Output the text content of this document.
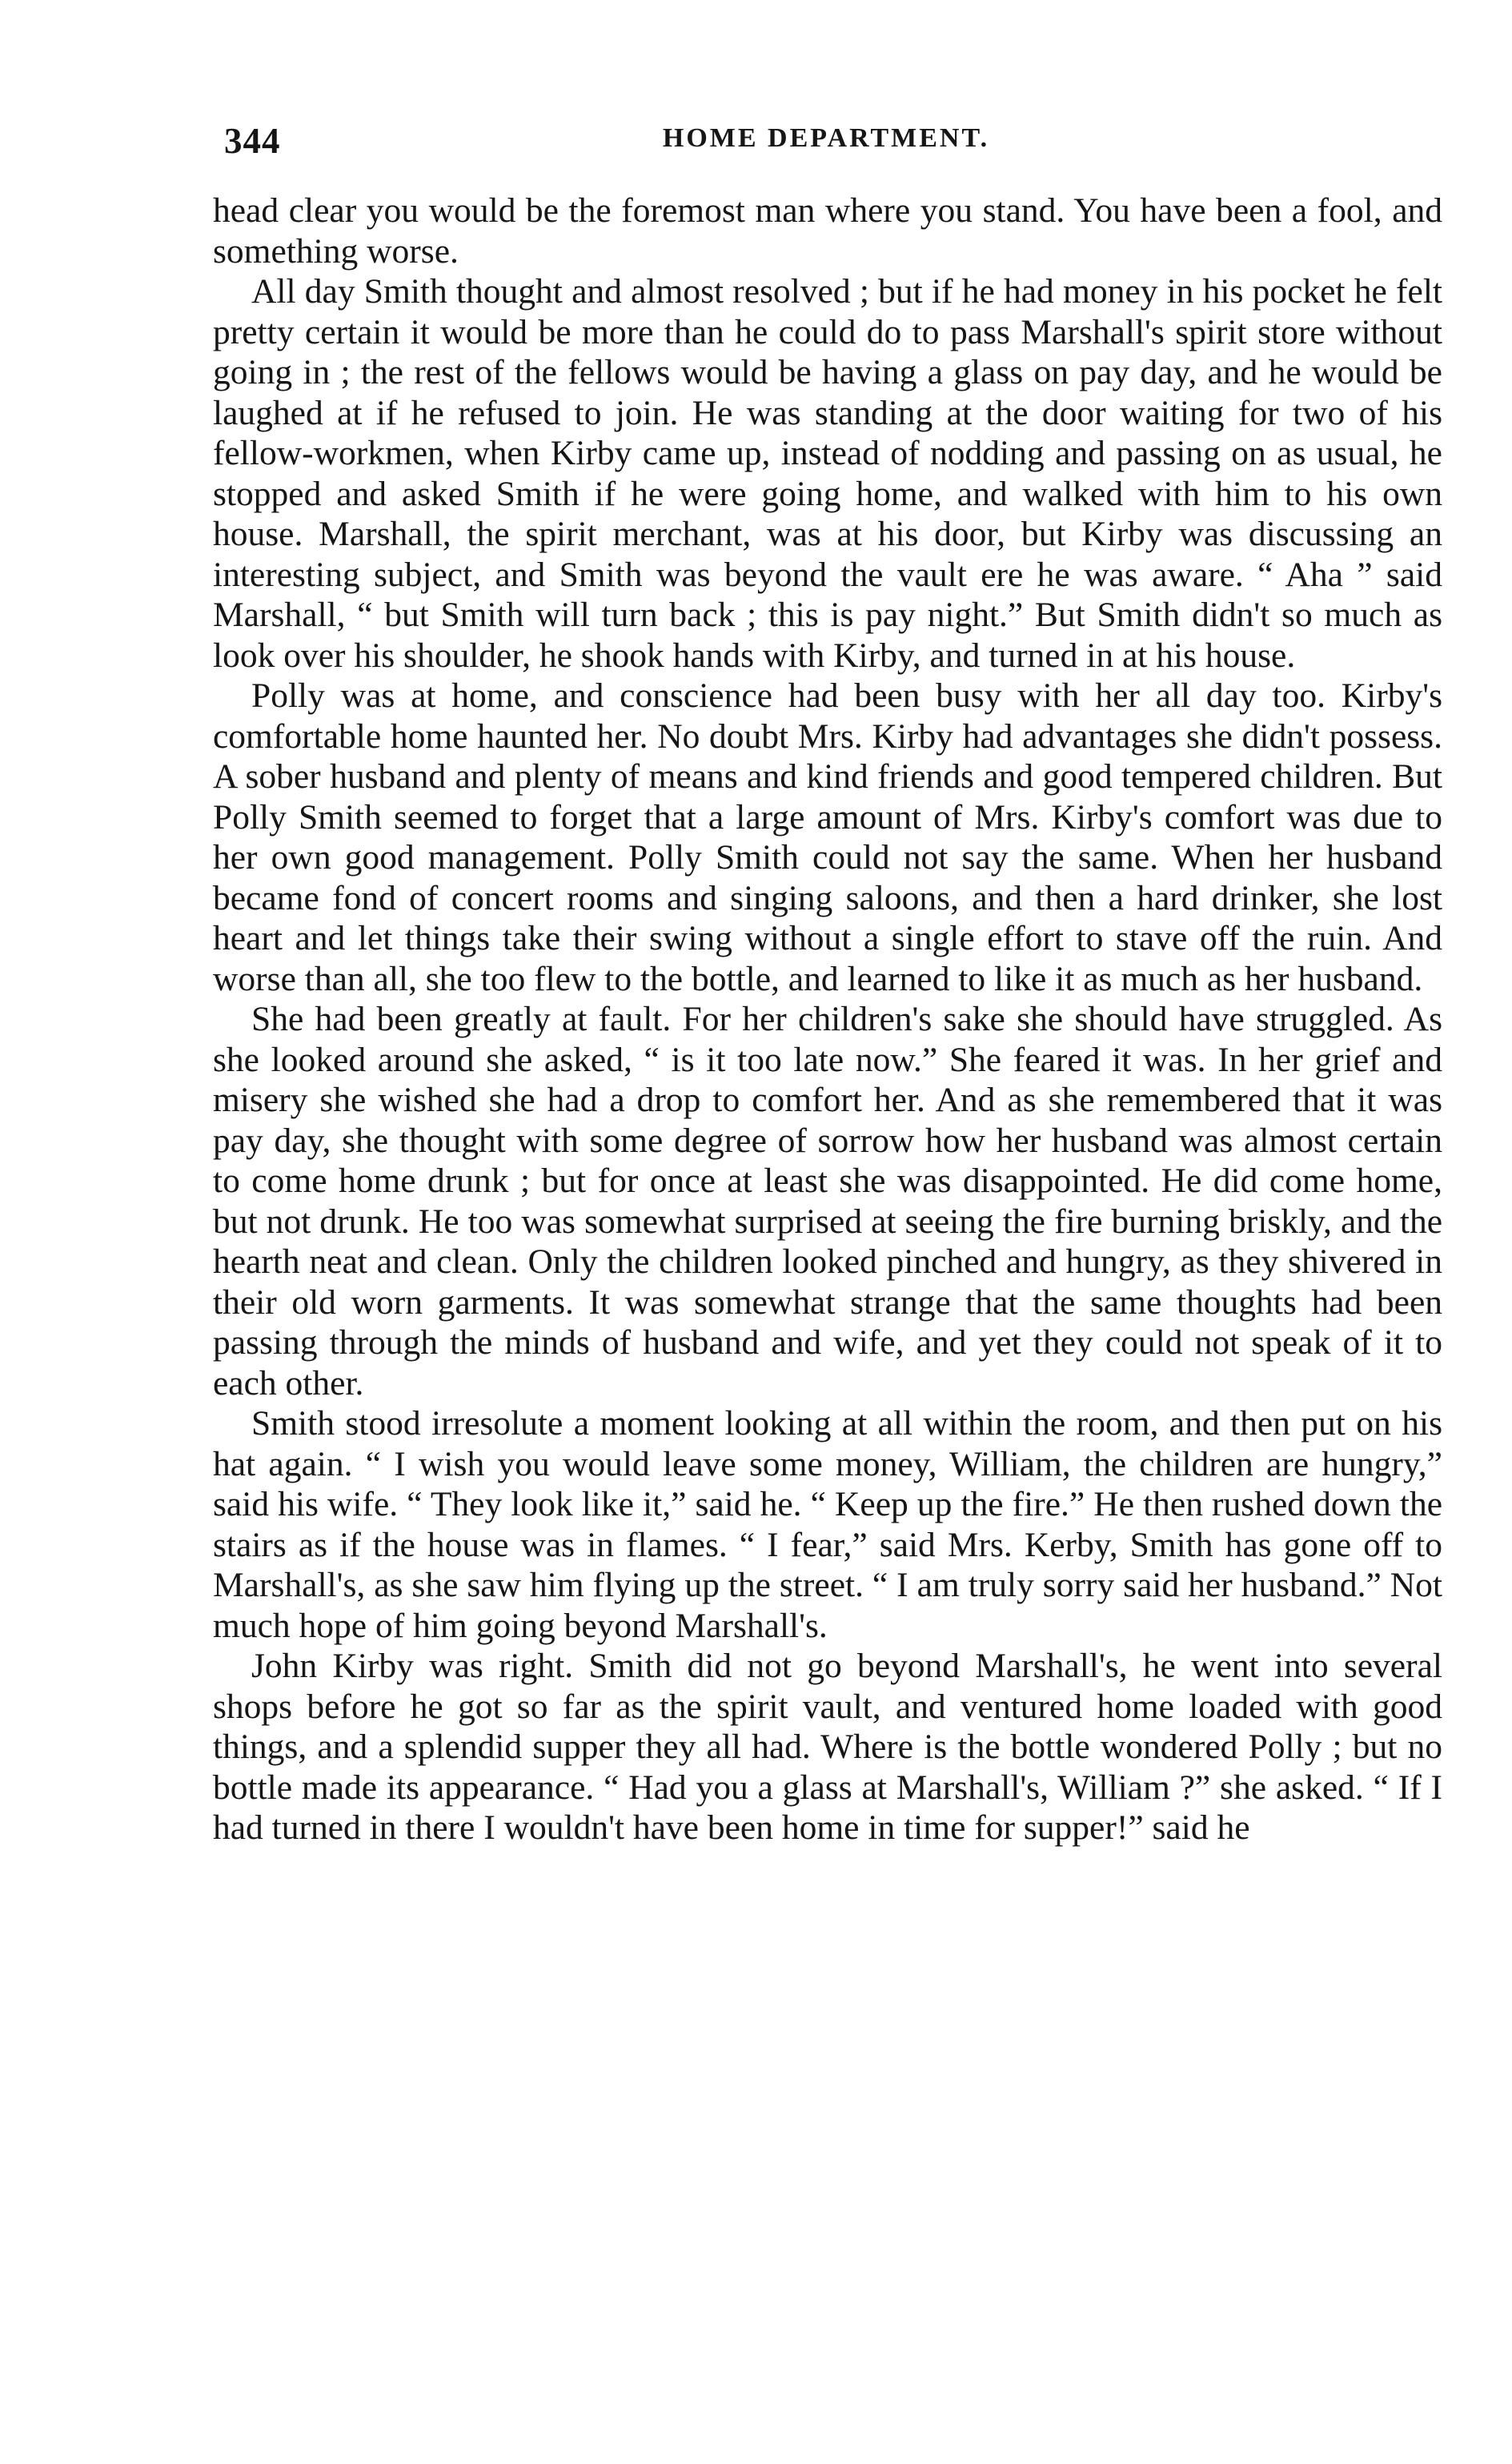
344	HOME DEPARTMENT.

head clear you would be the foremost man where you stand. You have been a fool, and something worse.

All day Smith thought and almost resolved ; but if he had money in his pocket he felt pretty certain it would be more than he could do to pass Marshall's spirit store without going in ; the rest of the fellows would be having a glass on pay day, and he would be laughed at if he refused to join. He was standing at the door waiting for two of his fellow-workmen, when Kirby came up, instead of nodding and passing on as usual, he stopped and asked Smith if he were going home, and walked with him to his own house. Marshall, the spirit merchant, was at his door, but Kirby was discussing an interesting subject, and Smith was beyond the vault ere he was aware. “ Aha ” said Marshall, “ but Smith will turn back ; this is pay night.” But Smith didn't so much as look over his shoulder, he shook hands with Kirby, and turned in at his house.

Polly was at home, and conscience had been busy with her all day too. Kirby's comfortable home haunted her. No doubt Mrs. Kirby had advantages she didn't possess. A sober husband and plenty of means and kind friends and good tempered children. But Polly Smith seemed to forget that a large amount of Mrs. Kirby's comfort was due to her own good management. Polly Smith could not say the same. When her husband became fond of concert rooms and singing saloons, and then a hard drinker, she lost heart and let things take their swing without a single effort to stave off the ruin. And worse than all, she too flew to the bottle, and learned to like it as much as her husband.

She had been greatly at fault. For her children's sake she should have struggled. As she looked around she asked, “ is it too late now.” She feared it was. In her grief and misery she wished she had a drop to comfort her. And as she remembered that it was pay day, she thought with some degree of sorrow how her husband was almost certain to come home drunk ; but for once at least she was disappointed. He did come home, but not drunk. He too was somewhat surprised at seeing the fire burning briskly, and the hearth neat and clean. Only the children looked pinched and hungry, as they shivered in their old worn garments. It was somewhat strange that the same thoughts had been passing through the minds of husband and wife, and yet they could not speak of it to each other.

Smith stood irresolute a moment looking at all within the room, and then put on his hat again. “ I wish you would leave some money, William, the children are hungry,” said his wife. “ They look like it,” said he. “ Keep up the fire.” He then rushed down the stairs as if the house was in flames. “ I fear,” said Mrs. Kerby, Smith has gone off to Marshall's, as she saw him flying up the street. “ I am truly sorry said her husband.” Not much hope of him going beyond Marshall's.

John Kirby was right. Smith did not go beyond Marshall's, he went into several shops before he got so far as the spirit vault, and ventured home loaded with good things, and a splendid supper they all had. Where is the bottle wondered Polly ; but no bottle made its appearance. “ Had you a glass at Marshall's, William ?” she asked. “ If I had turned in there I wouldn't have been home in time for supper!” said he
